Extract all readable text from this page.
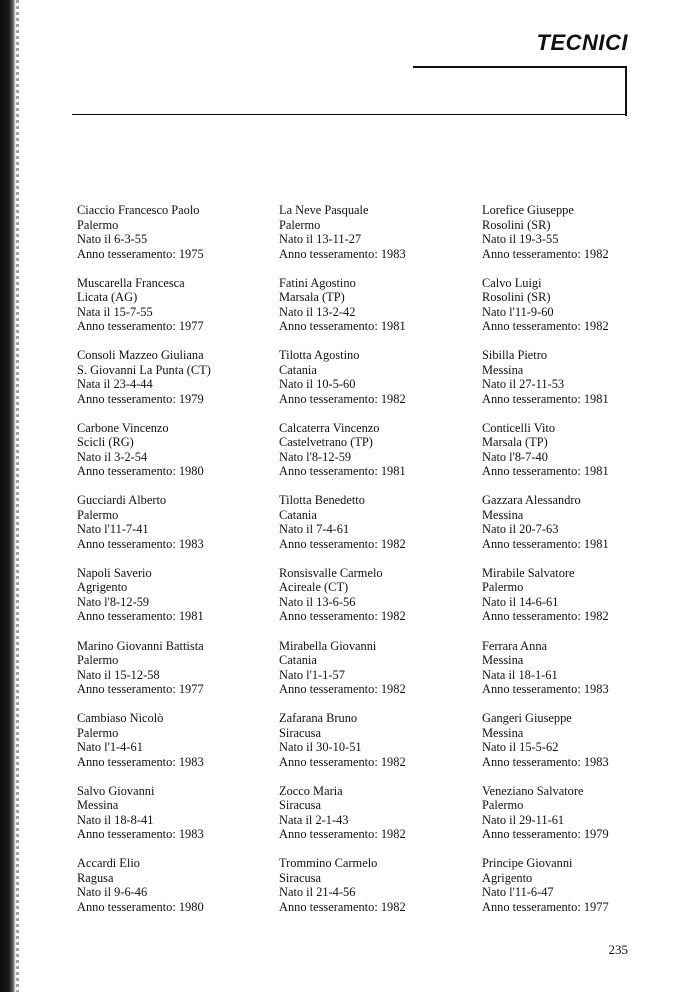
TECNICI
Ciaccio Francesco Paolo
Palermo
Nato il 6-3-55
Anno tesseramento: 1975
Muscarella Francesca
Licata (AG)
Nata il 15-7-55
Anno tesseramento: 1977
Consoli Mazzeo Giuliana
S. Giovanni La Punta (CT)
Nata il 23-4-44
Anno tesseramento: 1979
Carbone Vincenzo
Scicli (RG)
Nato il 3-2-54
Anno tesseramento: 1980
Gucciardi Alberto
Palermo
Nato l'11-7-41
Anno tesseramento: 1983
Napoli Saverio
Agrigento
Nato l'8-12-59
Anno tesseramento: 1981
Marino Giovanni Battista
Palermo
Nato il 15-12-58
Anno tesseramento: 1977
Cambiaso Nicolò
Palermo
Nato l'1-4-61
Anno tesseramento: 1983
Salvo Giovanni
Messina
Nato il 18-8-41
Anno tesseramento: 1983
Accardi Elio
Ragusa
Nato il 9-6-46
Anno tesseramento: 1980
La Neve Pasquale
Palermo
Nato il 13-11-27
Anno tesseramento: 1983
Fatini Agostino
Marsala (TP)
Nato il 13-2-42
Anno tesseramento: 1981
Tilotta Agostino
Catania
Nato il 10-5-60
Anno tesseramento: 1982
Calcaterra Vincenzo
Castelvetrano (TP)
Nato l'8-12-59
Anno tesseramento: 1981
Tilotta Benedetto
Catania
Nato il 7-4-61
Anno tesseramento: 1982
Ronsisvalle Carmelo
Acireale (CT)
Nato il 13-6-56
Anno tesseramento: 1982
Mirabella Giovanni
Catania
Nato l'1-1-57
Anno tesseramento: 1982
Zafarana Bruno
Siracusa
Nato il 30-10-51
Anno tesseramento: 1982
Zocco Maria
Siracusa
Nata il 2-1-43
Anno tesseramento: 1982
Trommino Carmelo
Siracusa
Nato il 21-4-56
Anno tesseramento: 1982
Lorefice Giuseppe
Rosolini (SR)
Nato il 19-3-55
Anno tesseramento: 1982
Calvo Luigi
Rosolini (SR)
Nato l'11-9-60
Anno tesseramento: 1982
Sibilla Pietro
Messina
Nato il 27-11-53
Anno tesseramento: 1981
Conticelli Vito
Marsala (TP)
Nato l'8-7-40
Anno tesseramento: 1981
Gazzara Alessandro
Messina
Nato il 20-7-63
Anno tesseramento: 1981
Mirabile Salvatore
Palermo
Nato il 14-6-61
Anno tesseramento: 1982
Ferrara Anna
Messina
Nata il 18-1-61
Anno tesseramento: 1983
Gangeri Giuseppe
Messina
Nato il 15-5-62
Anno tesseramento: 1983
Veneziano Salvatore
Palermo
Nato il 29-11-61
Anno tesseramento: 1979
Principe Giovanni
Agrigento
Nato l'11-6-47
Anno tesseramento: 1977
235
